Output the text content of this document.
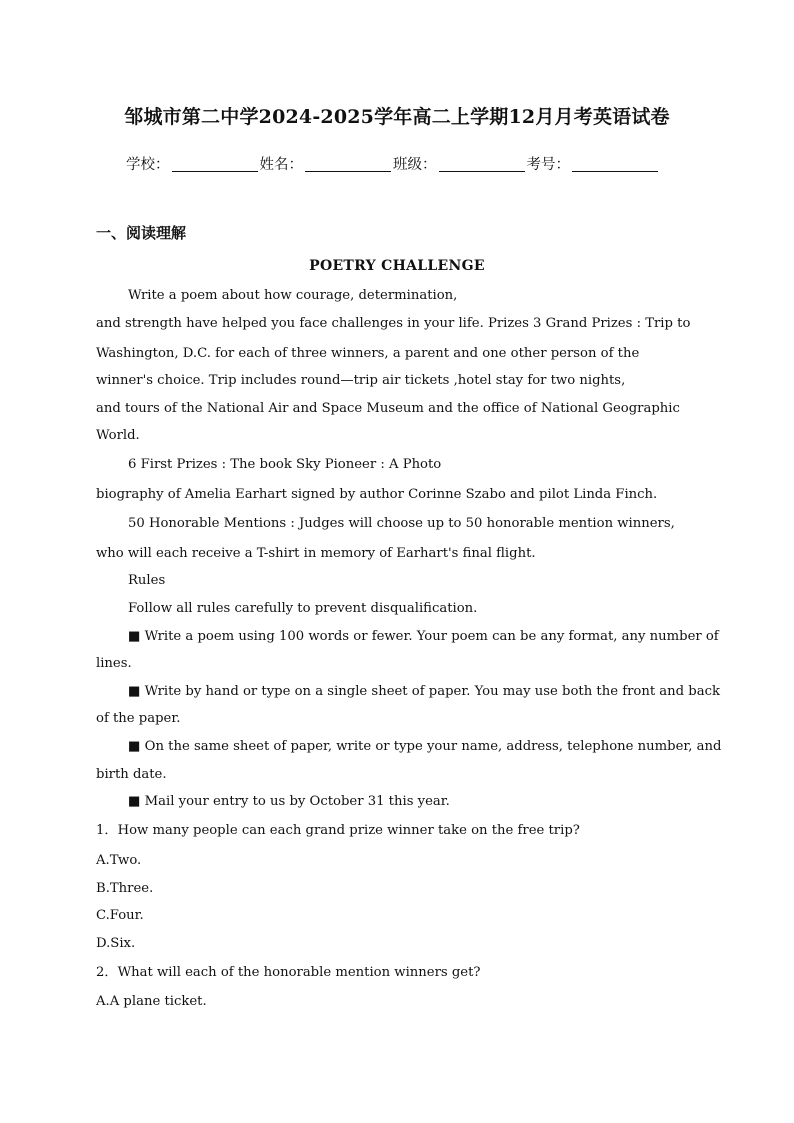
邹城市第二中学2024-2025学年高二上学期12月月考英语试卷
学校：	姓名：	班级：	考号：
一、阅读理解
POETRY CHALLENGE
Write a poem about how courage, determination,
and strength have helped you face challenges in your life. Prizes 3 Grand Prizes : Trip to
Washington, D.C. for each of three winners, a parent and one other person of the
winner's choice. Trip includes round—trip air tickets ,hotel stay for two nights,
and tours of the National Air and Space Museum and the office of National Geographic
World.
6 First Prizes : The book Sky Pioneer : A Photo
biography of Amelia Earhart signed by author Corinne Szabo and pilot Linda Finch.
50 Honorable Mentions : Judges will choose up to 50 honorable mention winners,
who will each receive a T-shirt in memory of Earhart's final flight.
Rules
Follow all rules carefully to prevent disqualification.
■ Write a poem using 100 words or fewer. Your poem can be any format, any number of
lines.
■ Write by hand or type on a single sheet of paper. You may use both the front and back
of the paper.
■ On the same sheet of paper, write or type your name, address, telephone number, and
birth date.
■ Mail your entry to us by October 31 this year.
1．How many people can each grand prize winner take on the free trip?
A.Two.
B.Three.
C.Four.
D.Six.
2．What will each of the honorable mention winners get?
A.A plane ticket.
